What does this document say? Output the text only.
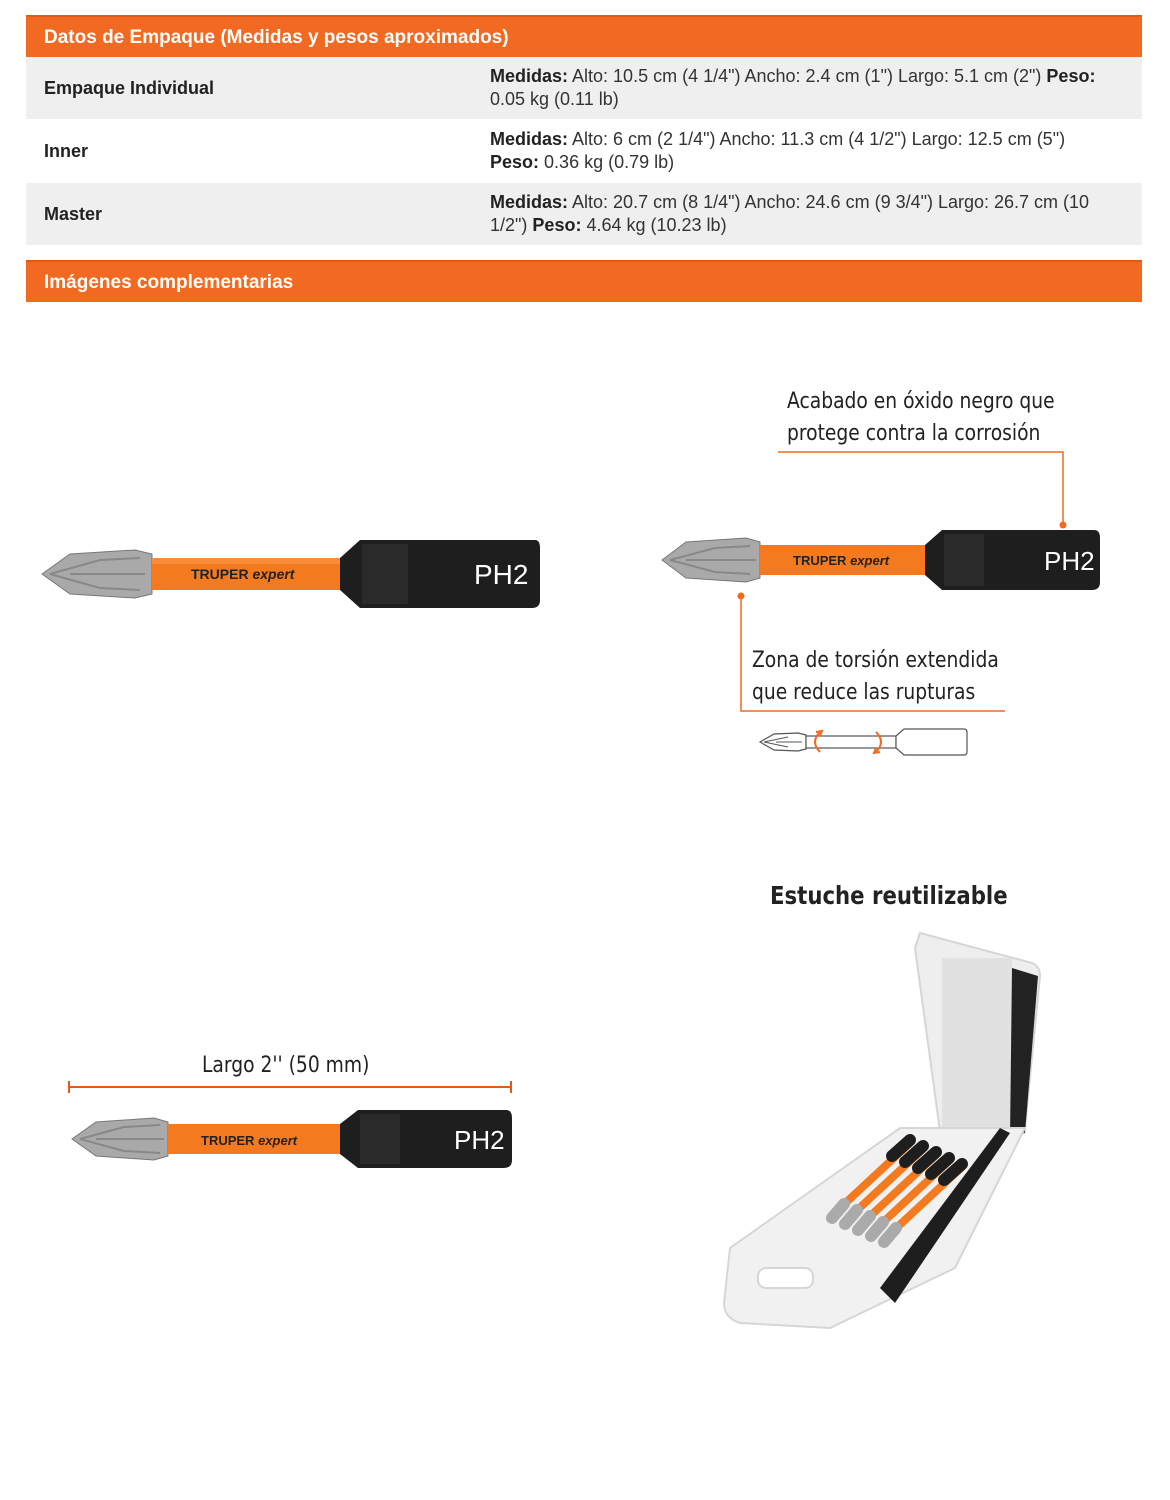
Datos de Empaque (Medidas y pesos aproximados)
Empaque Individual
Medidas: Alto: 10.5 cm (4 1/4") Ancho: 2.4 cm (1") Largo: 5.1 cm (2") Peso: 0.05 kg (0.11 lb)
Inner
Medidas: Alto: 6 cm (2 1/4") Ancho: 11.3 cm (4 1/2") Largo: 12.5 cm (5")
Peso: 0.36 kg (0.79 lb)
Master
Medidas: Alto: 20.7 cm (8 1/4") Ancho: 24.6 cm (9 3/4") Largo: 26.7 cm (10 1/2") Peso: 4.64 kg (10.23 lb)
Imágenes complementarias
TRUPER expert	PH2	TRUPER expert	PH2
Acabado en óxido negro que
protege contra la corrosión
Zona de torsión extendida
que reduce las rupturas
Largo 2'' (50 mm)
TRUPER expert	PH2
Estuche reutilizable
